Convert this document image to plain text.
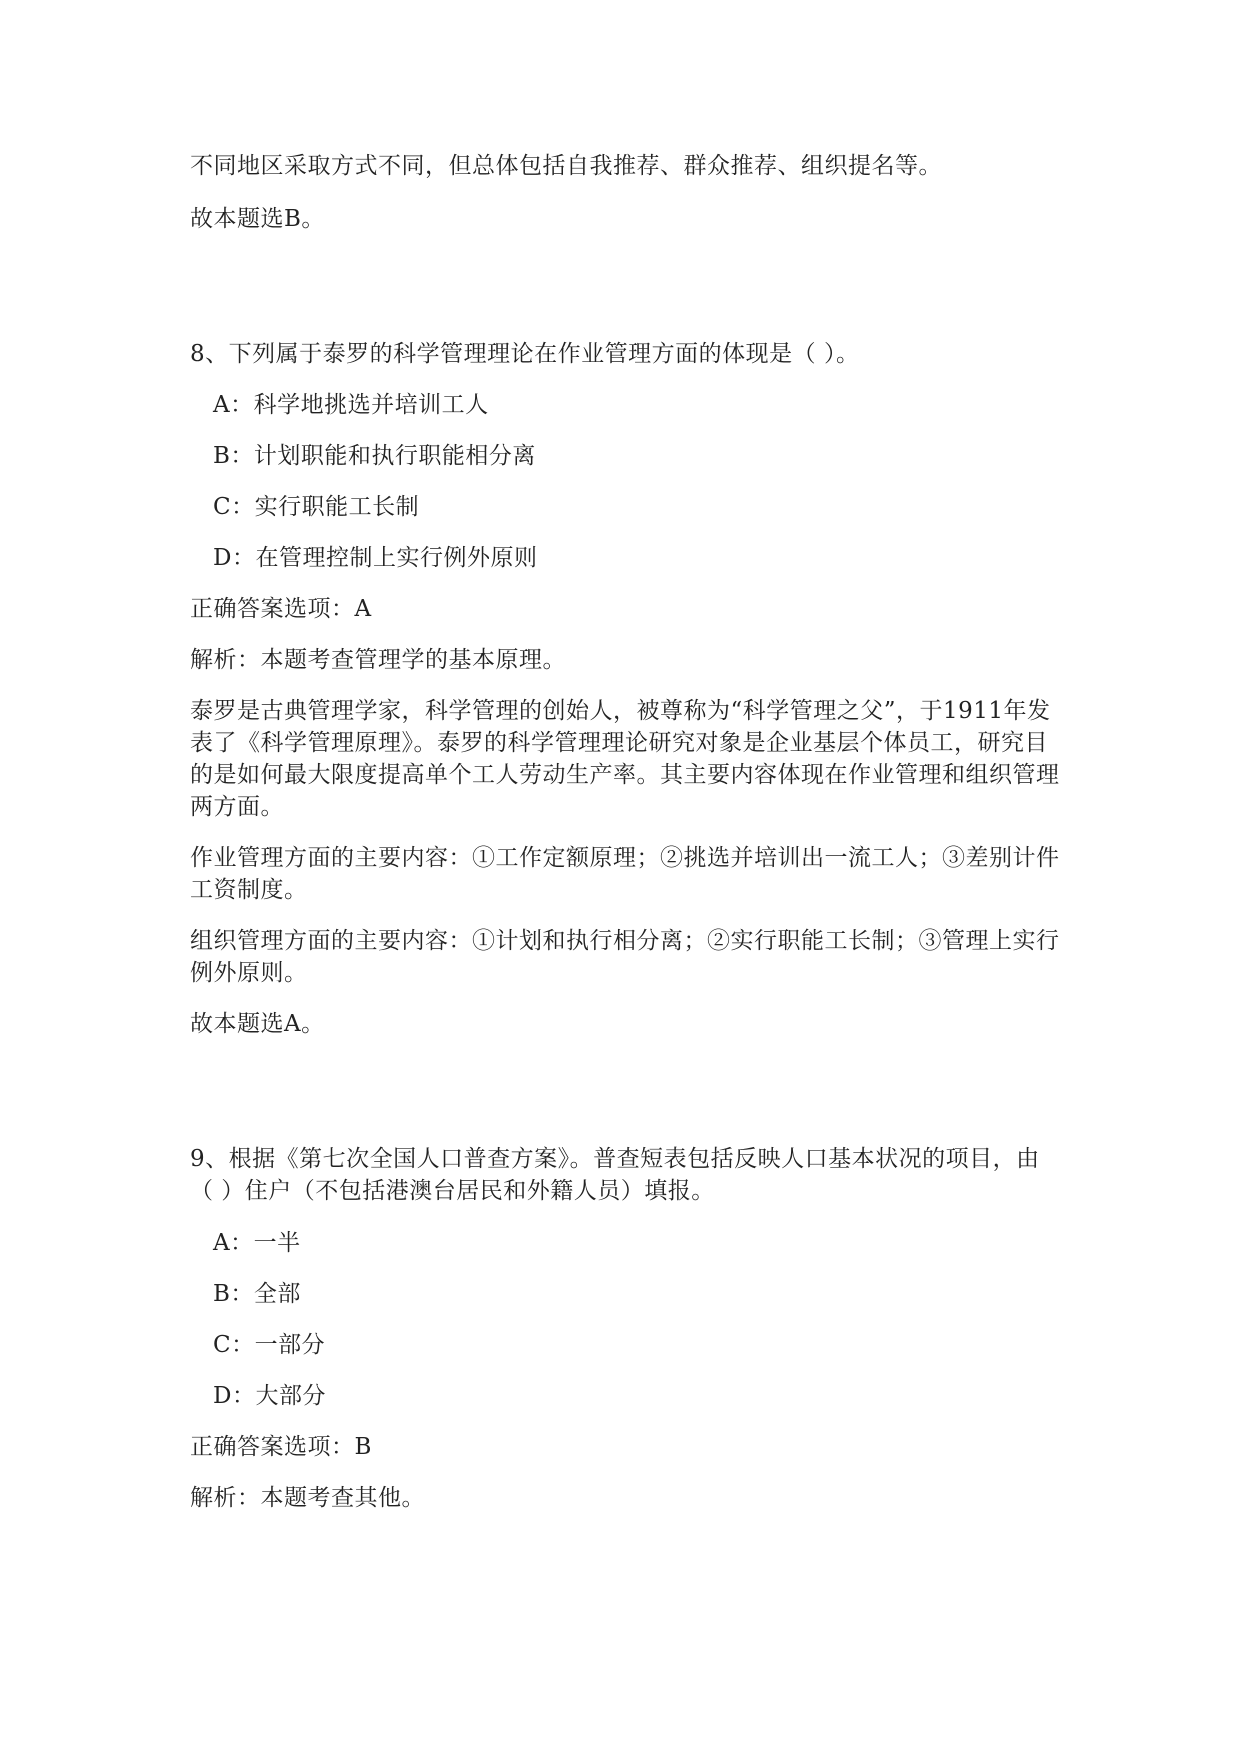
不同地区采取方式不同，但总体包括自我推荐、群众推荐、组织提名等。
故本题选B。
8、下列属于泰罗的科学管理理论在作业管理方面的体现是（ ）。
A：科学地挑选并培训工人
B：计划职能和执行职能相分离
C：实行职能工长制
D：在管理控制上实行例外原则
正确答案选项：A
解析：本题考查管理学的基本原理。
泰罗是古典管理学家，科学管理的创始人，被尊称为“科学管理之父”，于1911年发表了《科学管理原理》。泰罗的科学管理理论研究对象是企业基层个体员工，研究目的是如何最大限度提高单个工人劳动生产率。其主要内容体现在作业管理和组织管理两方面。
作业管理方面的主要内容：①工作定额原理；②挑选并培训出一流工人；③差别计件工资制度。
组织管理方面的主要内容：①计划和执行相分离；②实行职能工长制；③管理上实行例外原则。
故本题选A。
9、根据《第七次全国人口普查方案》。普查短表包括反映人口基本状况的项目，由（ ）住户（不包括港澳台居民和外籍人员）填报。
A：一半
B：全部
C：一部分
D：大部分
正确答案选项：B
解析：本题考查其他。
